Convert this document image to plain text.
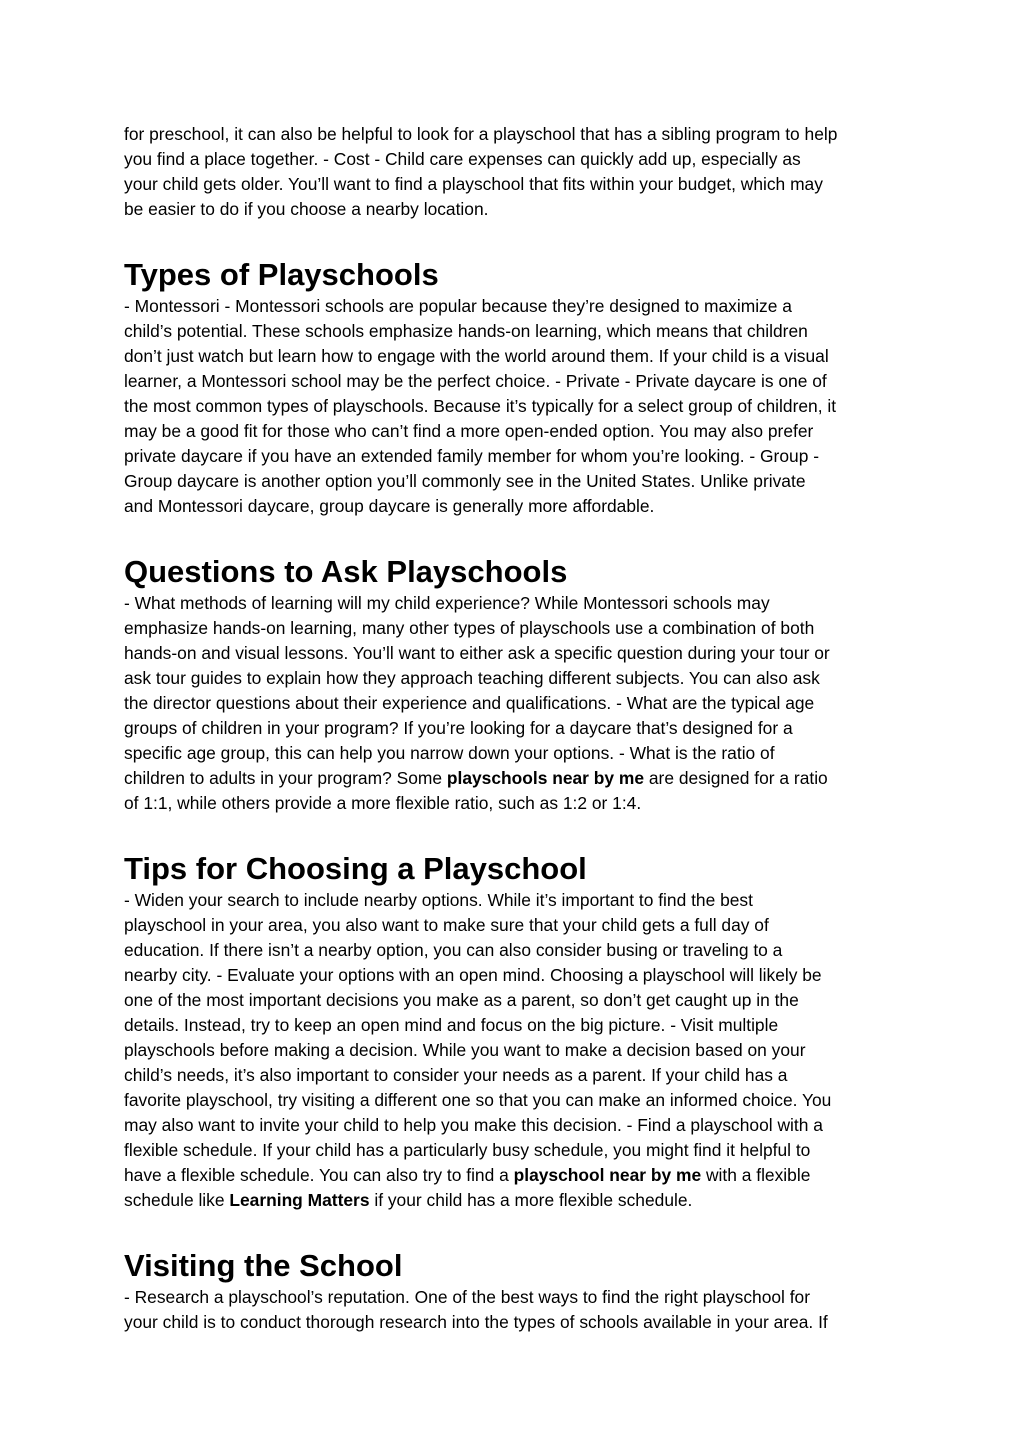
for preschool, it can also be helpful to look for a playschool that has a sibling program to help
you find a place together. - Cost - Child care expenses can quickly add up, especially as
your child gets older. You’ll want to find a playschool that fits within your budget, which may
be easier to do if you choose a nearby location.

Types of Playschools

- Montessori - Montessori schools are popular because they’re designed to maximize a
child’s potential. These schools emphasize hands-on learning, which means that children
don’t just watch but learn how to engage with the world around them. If your child is a visual
learner, a Montessori school may be the perfect choice. - Private - Private daycare is one of
the most common types of playschools. Because it’s typically for a select group of children, it
may be a good fit for those who can’t find a more open-ended option. You may also prefer
private daycare if you have an extended family member for whom you’re looking. - Group -
Group daycare is another option you’ll commonly see in the United States. Unlike private
and Montessori daycare, group daycare is generally more affordable.

Questions to Ask Playschools

- What methods of learning will my child experience? While Montessori schools may
emphasize hands-on learning, many other types of playschools use a combination of both
hands-on and visual lessons. You’ll want to either ask a specific question during your tour or
ask tour guides to explain how they approach teaching different subjects. You can also ask
the director questions about their experience and qualifications. - What are the typical age
groups of children in your program? If you’re looking for a daycare that’s designed for a
specific age group, this can help you narrow down your options. - What is the ratio of
children to adults in your program? Some playschools near by me are designed for a ratio
of 1:1, while others provide a more flexible ratio, such as 1:2 or 1:4.

Tips for Choosing a Playschool

- Widen your search to include nearby options. While it’s important to find the best
playschool in your area, you also want to make sure that your child gets a full day of
education. If there isn’t a nearby option, you can also consider busing or traveling to a
nearby city. - Evaluate your options with an open mind. Choosing a playschool will likely be
one of the most important decisions you make as a parent, so don’t get caught up in the
details. Instead, try to keep an open mind and focus on the big picture. - Visit multiple
playschools before making a decision. While you want to make a decision based on your
child’s needs, it’s also important to consider your needs as a parent. If your child has a
favorite playschool, try visiting a different one so that you can make an informed choice. You
may also want to invite your child to help you make this decision. - Find a playschool with a
flexible schedule. If your child has a particularly busy schedule, you might find it helpful to
have a flexible schedule. You can also try to find a playschool near by me with a flexible
schedule like Learning Matters if your child has a more flexible schedule.

Visiting the School

- Research a playschool’s reputation. One of the best ways to find the right playschool for
your child is to conduct thorough research into the types of schools available in your area. If
